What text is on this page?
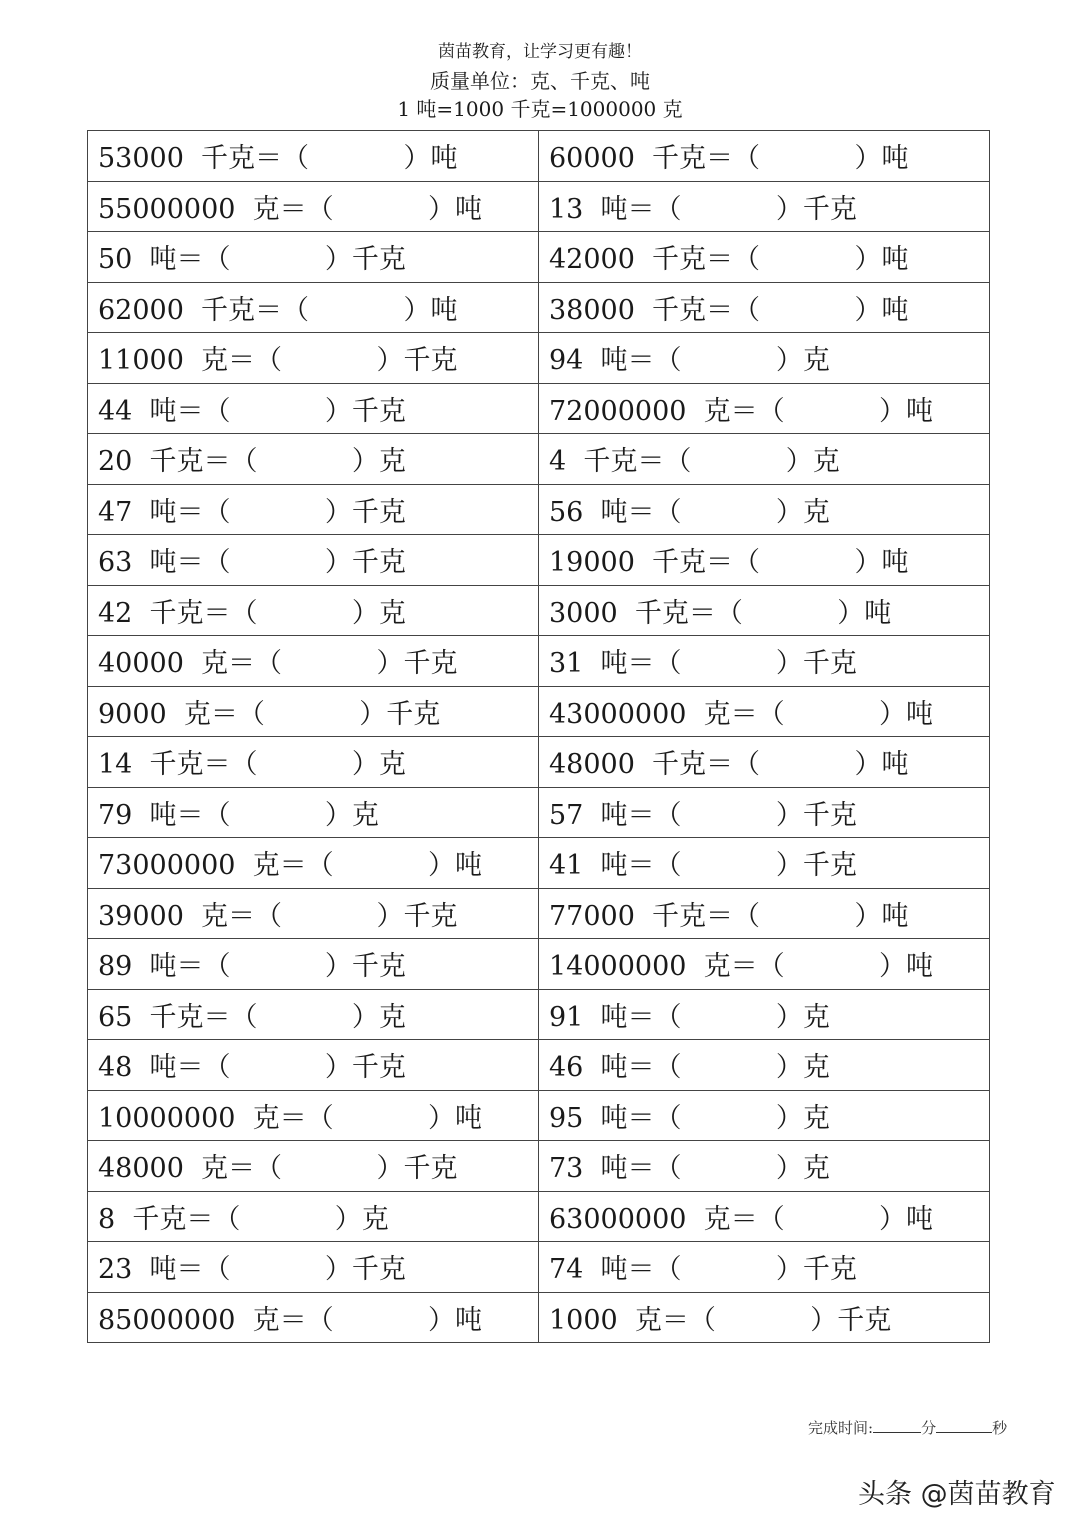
茵苗教育，让学习更有趣！
质量单位：克、千克、吨
1 吨=1000 千克=1000000 克
53000  千克＝（           ）吨	60000  千克＝（           ）吨
55000000  克＝（           ）吨	13  吨＝（           ）千克
50  吨＝（           ）千克	42000  千克＝（           ）吨
62000  千克＝（           ）吨	38000  千克＝（           ）吨
11000  克＝（           ）千克	94  吨＝（           ）克
44  吨＝（           ）千克	72000000  克＝（           ）吨
20  千克＝（           ）克	4  千克＝（           ）克
47  吨＝（           ）千克	56  吨＝（           ）克
63  吨＝（           ）千克	19000  千克＝（           ）吨
42  千克＝（           ）克	3000  千克＝（           ）吨
40000  克＝（           ）千克	31  吨＝（           ）千克
9000  克＝（           ）千克	43000000  克＝（           ）吨
14  千克＝（           ）克	48000  千克＝（           ）吨
79  吨＝（           ）克	57  吨＝（           ）千克
73000000  克＝（           ）吨	41  吨＝（           ）千克
39000  克＝（           ）千克	77000  千克＝（           ）吨
89  吨＝（           ）千克	14000000  克＝（           ）吨
65  千克＝（           ）克	91  吨＝（           ）克
48  吨＝（           ）千克	46  吨＝（           ）克
10000000  克＝（           ）吨	95  吨＝（           ）克
48000  克＝（           ）千克	73  吨＝（           ）克
8  千克＝（           ）克	63000000  克＝（           ）吨
23  吨＝（           ）千克	74  吨＝（           ）千克
85000000  克＝（           ）吨	1000  克＝（           ）千克
完成时间:	分	秒
头条 @茵苗教育
